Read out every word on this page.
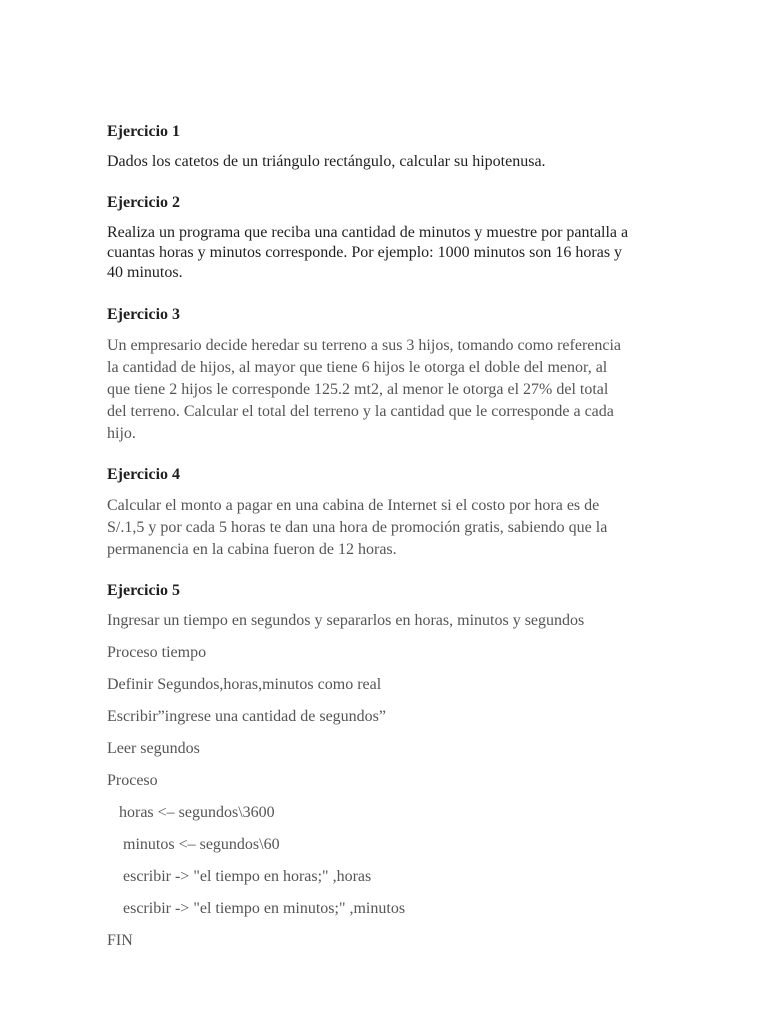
Ejercicio 1

Dados los catetos de un triángulo rectángulo, calcular su hipotenusa.

Ejercicio 2

Realiza un programa que reciba una cantidad de minutos y muestre por pantalla a
cuantas horas y minutos corresponde. Por ejemplo: 1000 minutos son 16 horas y
40 minutos.

Ejercicio 3

Un empresario decide heredar su terreno a sus 3 hijos, tomando como referencia
la cantidad de hijos, al mayor que tiene 6 hijos le otorga el doble del menor, al
que tiene 2 hijos le corresponde 125.2 mt2, al menor le otorga el 27% del total
del terreno. Calcular el total del terreno y la cantidad que le corresponde a cada
hijo.

Ejercicio 4

Calcular el monto a pagar en una cabina de Internet si el costo por hora es de
S/.1,5 y por cada 5 horas te dan una hora de promoción gratis, sabiendo que la
permanencia en la cabina fueron de 12 horas.

Ejercicio 5

Ingresar un tiempo en segundos y separarlos en horas, minutos y segundos

Proceso tiempo

Definir Segundos,horas,minutos como real

Escribir”ingrese una cantidad de segundos”

Leer segundos

Proceso

horas <– segundos\3600

minutos <– segundos\60

escribir -> "el tiempo en horas;" ,horas

escribir -> "el tiempo en minutos;" ,minutos

FIN
